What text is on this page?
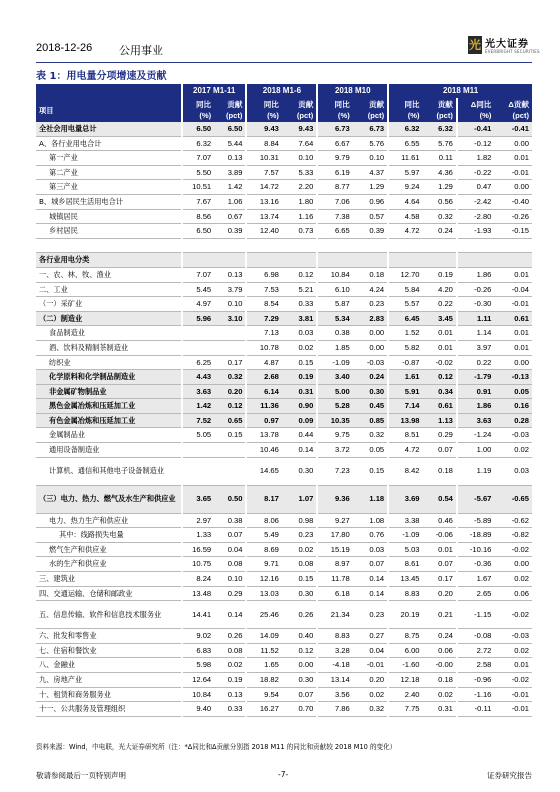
2018-12-26 公用事业	光 光大证券
EVERBRIGHT SECURITIES
表 1：用电量分项增速及贡献
	2017 M1-11		2018 M1-6		2018 M10		2018 M11			
项目	同比 (%)	贡献 (pct)	同比 (%)	贡献 (pct)	同比 (%)	贡献 (pct)	同比 (%)	贡献 (pct)	Δ同比 (%)	Δ贡献 (pct)
全社会用电量总计	6.50	6.50	9.43	9.43	6.73	6.73	6.32	6.32	-0.41	-0.41
A、各行业用电合计	6.32	5.44	8.84	7.64	6.67	5.76	6.55	5.76	-0.12	0.00
第一产业	7.07	0.13	10.31	0.10	9.79	0.10	11.61	0.11	1.82	0.01
第二产业	5.50	3.89	7.57	5.33	6.19	4.37	5.97	4.36	-0.22	-0.01
第三产业	10.51	1.42	14.72	2.20	8.77	1.29	9.24	1.29	0.47	0.00
B、城乡居民生活用电合计	7.67	1.06	13.16	1.80	7.06	0.96	4.64	0.56	-2.42	-0.40
城镇居民	8.56	0.67	13.74	1.16	7.38	0.57	4.58	0.32	-2.80	-0.26
乡村居民	6.50	0.39	12.40	0.73	6.65	0.39	4.72	0.24	-1.93	-0.15

各行业用电分类										
一、农、林、牧、渔业	7.07	0.13	6.98	0.12	10.84	0.18	12.70	0.19	1.86	0.01
二、工业	5.45	3.79	7.53	5.21	6.10	4.24	5.84	4.20	-0.26	-0.04
（一）采矿业	4.97	0.10	8.54	0.33	5.87	0.23	5.57	0.22	-0.30	-0.01
（二）制造业	5.96	3.10	7.29	3.81	5.34	2.83	6.45	3.45	1.11	0.61
食品制造业			7.13	0.03	0.38	0.00	1.52	0.01	1.14	0.01
酒、饮料及精制茶制造业			10.78	0.02	1.85	0.00	5.82	0.01	3.97	0.01
纺织业	6.25	0.17	4.87	0.15	-1.09	-0.03	-0.87	-0.02	0.22	0.00
化学原料和化学制品制造业	4.43	0.32	2.68	0.19	3.40	0.24	1.61	0.12	-1.79	-0.13
非金属矿物制品业	3.63	0.20	6.14	0.31	5.00	0.30	5.91	0.34	0.91	0.05
黑色金属冶炼和压延加工业	1.42	0.12	11.36	0.90	5.28	0.45	7.14	0.61	1.86	0.16
有色金属冶炼和压延加工业	7.52	0.65	0.97	0.09	10.35	0.85	13.98	1.13	3.63	0.28
金属制品业	5.05	0.15	13.78	0.44	9.75	0.32	8.51	0.29	-1.24	-0.03
通用设备制造业			10.46	0.14	3.72	0.05	4.72	0.07	1.00	0.02
计算机、通信和其他电子设备制造业			14.65	0.30	7.23	0.15	8.42	0.18	1.19	0.03
（三）电力、热力、燃气及水生产和供应业	3.65	0.50	8.17	1.07	9.36	1.18	3.69	0.54	-5.67	-0.65
电力、热力生产和供应业	2.97	0.38	8.06	0.98	9.27	1.08	3.38	0.46	-5.89	-0.62
其中：线路损失电量	1.33	0.07	5.49	0.23	17.80	0.76	-1.09	-0.06	-18.89	-0.82
燃气生产和供应业	16.59	0.04	8.69	0.02	15.19	0.03	5.03	0.01	-10.16	-0.02
水的生产和供应业	10.75	0.08	9.71	0.08	8.97	0.07	8.61	0.07	-0.36	0.00
三、建筑业	8.24	0.10	12.16	0.15	11.78	0.14	13.45	0.17	1.67	0.02
四、交通运输、仓储和邮政业	13.48	0.29	13.03	0.30	6.18	0.14	8.83	0.20	2.65	0.06
五、信息传输、软件和信息技术服务业	14.41	0.14	25.46	0.26	21.34	0.23	20.19	0.21	-1.15	-0.02
六、批发和零售业	9.02	0.26	14.09	0.40	8.83	0.27	8.75	0.24	-0.08	-0.03
七、住宿和餐饮业	6.83	0.08	11.52	0.12	3.28	0.04	6.00	0.06	2.72	0.02
八、金融业	5.98	0.02	1.65	0.00	-4.18	-0.01	-1.60	-0.00	2.58	0.01
九、房地产业	12.64	0.19	18.82	0.30	13.14	0.20	12.18	0.18	-0.96	-0.02
十、租赁和商务服务业	10.84	0.13	9.54	0.07	3.56	0.02	2.40	0.02	-1.16	-0.01
十一、公共服务及管理组织	9.40	0.33	16.27	0.70	7.86	0.32	7.75	0.31	-0.11	-0.01
资料来源：Wind，中电联，光大证券研究所（注：*Δ同比和Δ贡献分别指 2018 M11 的同比和贡献较 2018 M10 的变化）
敬请参阅最后一页特别声明	-7-	证券研究报告
